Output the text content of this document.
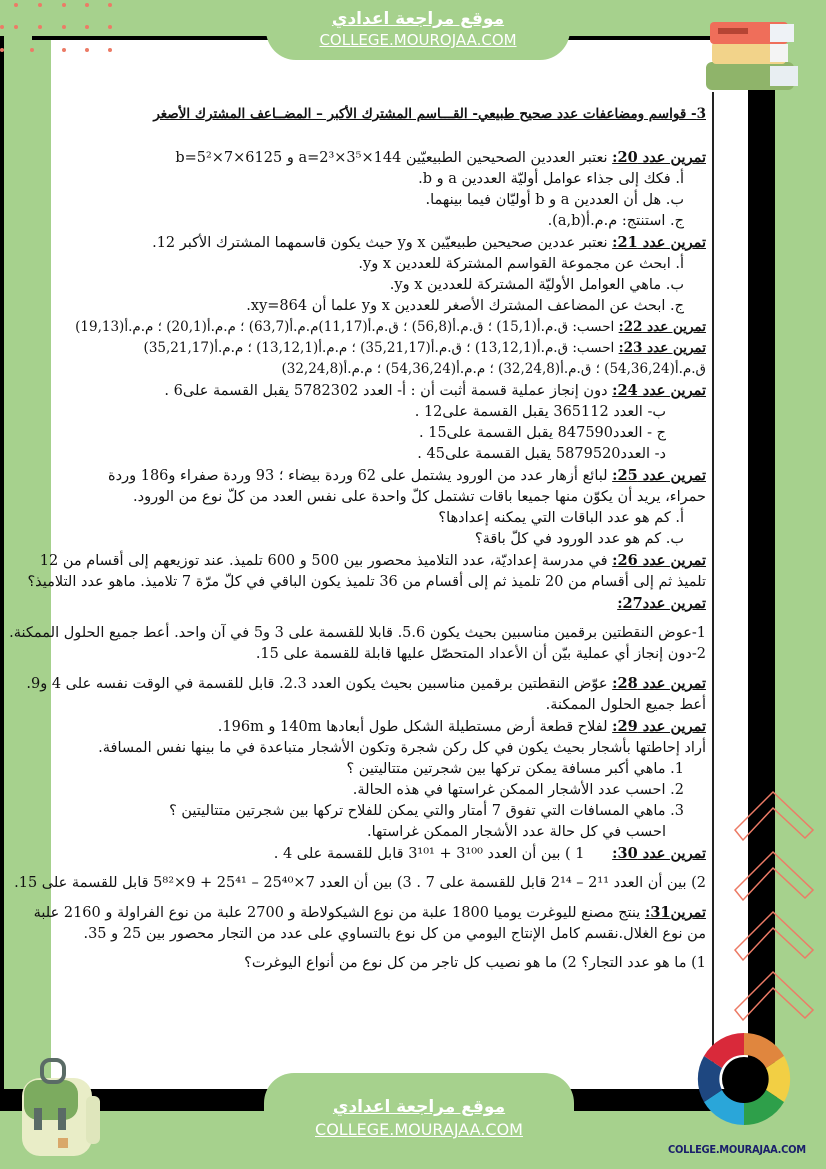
موقع مراجعة اعدادي
COLLEGE.MOUROJAA.COM
3- قواسم ومضاعفات عدد صحيح طبيعي- القـــاسم المشترك الأكبر – المضــاعف المشترك الأصغر
تمرين عدد 20: نعتبر العددين الصحيحين الطبيعيّين a=2³×3⁵×144 و b=5²×7×6125
أ. فكك إلى جذاء عوامل أوليّة العددين a و b.
ب. هل أن العددين a و b أوليّان فيما بينهما.
ج. استنتج: م.م.أ(a,b).
تمرين عدد 21: نعتبر عددين صحيحين طبيعيّين x وy حيث يكون قاسمهما المشترك الأكبر 12.
أ. ابحث عن مجموعة القواسم المشتركة للعددين x وy.
ب. ماهي العوامل الأوليّة المشتركة للعددين x وy.
ج. ابحث عن المضاعف المشترك الأصغر للعددين x وy علما أن xy=864.
تمرين عدد 22: احسب: ق.م.أ(15,1) ؛ ق.م.أ(56,8) ؛ ق.م.أ(11,17)م.م.أ(63,7) ؛ م.م.أ(20,1) ؛ م.م.أ(19,13)
تمرين عدد 23: احسب: ق.م.أ(13,12,1) ؛ ق.م.أ(35,21,17) ؛ م.م.أ(13,12,1) ؛ م.م.أ(35,21,17)
ق.م.أ(54,36,24) ؛ ق.م.أ(32,24,8) ؛ م.م.أ(54,36,24) ؛ م.م.أ(32,24,8)
تمرين عدد 24: دون إنجاز عملية قسمة أثبت أن : أ- العدد 5782302 يقبل القسمة على6 .
ب- العدد 365112 يقبل القسمة على12 .
ج - العدد847590 يقبل القسمة على15 .
د- العدد5879520 يقبل القسمة على45 .
تمرين عدد 25: لبائع أزهار عدد من الورود يشتمل على 62 وردة بيضاء ؛ 93 وردة صفراء و186 وردة
حمراء، يريد أن يكوّن منها جميعا باقات تشتمل كلّ واحدة على نفس العدد من كلّ نوع من الورود.
أ. كم هو عدد الباقات التي يمكنه إعدادها؟
ب. كم هو عدد الورود في كلّ باقة؟
تمرين عدد 26: في مدرسة إعداديّة، عدد التلاميذ محصور بين 500 و 600 تلميذ. عند توزيعهم إلى أقسام من 12
تلميذ ثم إلى أقسام من 20 تلميذ ثم إلى أقسام من 36 تلميذ يكون الباقي في كلّ مرّة 7 تلاميذ. ماهو عدد التلاميذ؟
تمرين عدد27:
1-عوض النقطتين برقمين مناسبين بحيث يكون 5.6. قابلا للقسمة على 3 و5 في آن واحد. أعط جميع الحلول الممكنة.
2-دون إنجاز أي عملية بيّن أن الأعداد المتحصّل عليها قابلة للقسمة على 15.
تمرين عدد 28: عوّض النقطتين برقمين مناسبين بحيث يكون العدد 2.3. قابل للقسمة في الوقت نفسه على 4 و9.
أعط جميع الحلول الممكنة.
تمرين عدد 29: لفلاح قطعة أرض مستطيلة الشكل طول أبعادها 140m و 196m.
أراد إحاطتها بأشجار بحيث يكون في كل ركن شجرة وتكون الأشجار متباعدة في ما بينها نفس المسافة.
1. ماهي أكبر مسافة يمكن تركها بين شجرتين متتاليتين ؟
2. احسب عدد الأشجار الممكن غراستها في هذه الحالة.
3. ماهي المسافات التي تفوق 7 أمتار والتي يمكن للفلاح تركها بين شجرتين متتاليتين ؟
احسب في كل حالة عدد الأشجار الممكن غراستها.
تمرين عدد 30:      1 ) بين أن العدد 3¹⁰⁰ + 3¹⁰¹ قابل للقسمة على 4 .
2) بين أن العدد 2¹¹ – 2¹⁴ قابل للقسمة على 7 . 3) بين أن العدد 7×25⁴⁰ – 25⁴¹ + 9×5⁸² قابل للقسمة على 15.
تمرين31: ينتج مصنع لليوغرت يوميا 1800 علبة من نوع الشيكولاطة و 2700 علبة من نوع الفراولة و 2160 علبة
من نوع الغلال.نقسم كامل الإنتاج اليومي من كل نوع بالتساوي على عدد من التجار محصور بين 25 و 35.
1) ما هو عدد التجار؟ 2) ما هو نصيب كل تاجر من كل نوع من أنواع اليوغرت؟
موقع مراجعة اعدادي
COLLEGE.MOURAJAA.COM
COLLEGE.MOURAJAA.COM
